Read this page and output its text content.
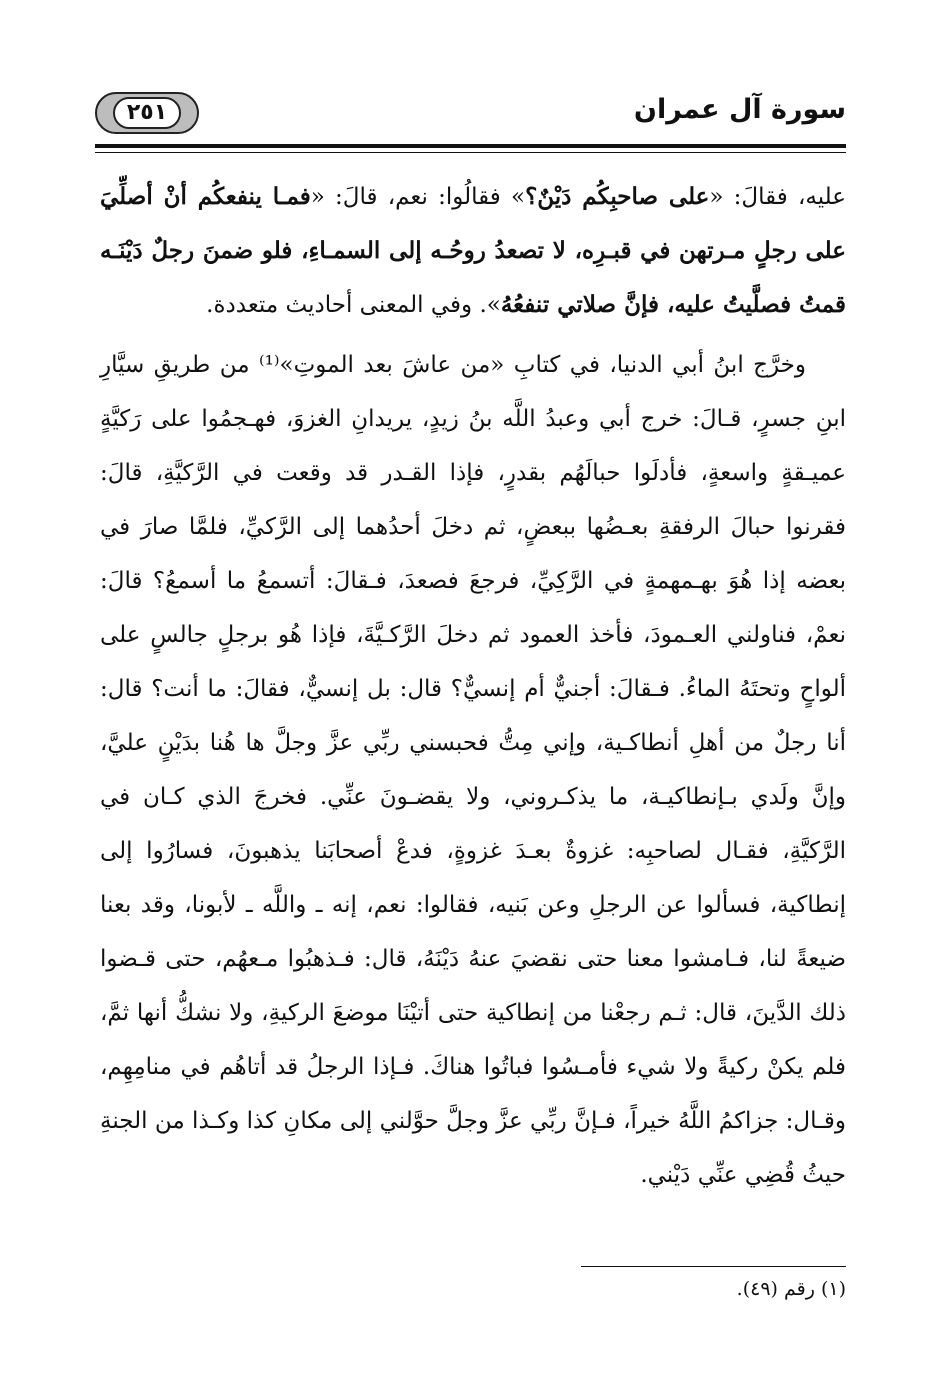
٢٥١	سورة آل عمران

عليه، فقالَ: «على صاحبِكُم دَيْنٌ؟» فقالُوا: نعم، قالَ: «فمـا ينفعكُم أنْ أصلِّيَ على رجلٍ مـرتهن في قبـرِه، لا تصعدُ روحُـه إلى السمـاءِ، فلو ضمنَ رجلٌ دَيْنَـه قمتُ فصلَّيتُ عليه، فإنَّ صلاتي تنفعُهُ». وفي المعنى أحاديث متعددة.

وخرَّج ابنُ أبي الدنيا، في كتابِ «من عاشَ بعد الموتِ»⁽¹⁾ من طريقِ سيَّارِ ابنِ جسرٍ، قـالَ: خرج أبي وعبدُ اللَّه بنُ زيدٍ، يريدانِ الغزوَ، فهـجمُوا على رَكيَّةٍ عميـقةٍ واسعةٍ، فأدلَوا حبالَهُم بقدرٍ، فإذا القـدر قد وقعت في الرَّكيَّةِ، قالَ: فقرنوا حبالَ الرفقةِ بعـضُها ببعضٍ، ثم دخلَ أحدُهما إلى الرَّكيِّ، فلمَّا صارَ في بعضه إذا هُوَ بهـمهمةٍ في الرَّكِيِّ، فرجعَ فصعدَ، فـقالَ: أتسمعُ ما أسمعُ؟ قالَ: نعمْ، فناولني العـمودَ، فأخذ العمود ثم دخلَ الرَّكـيَّةَ، فإذا هُو برجلٍ جالسٍ على ألواحٍ وتحتَهُ الماءُ. فـقالَ: أجنيٌّ أم إنسيٌّ؟ قال: بل إنسيٌّ، فقالَ: ما أنت؟ قال: أنا رجلٌ من أهلِ أنطاكـية، وإني مِتُّ فحبسني ربِّي عزَّ وجلَّ ها هُنا بدَيْنٍ عليَّ، وإنَّ ولَدي بـإنطاكيـة، ما يذكـروني، ولا يقضـونَ عنِّي. فخرجَ الذي كـان في الرَّكيَّةِ، فقـال لصاحبِه: غزوةٌ بعـدَ غزوةٍ، فدعْ أصحابَنا يذهبونَ، فسارُوا إلى إنطاكية، فسألوا عن الرجلِ وعن بَنيه، فقالوا: نعم، إنه ـ واللَّه ـ لأبونا، وقد بعنا ضيعةً لنا، فـامشوا معنا حتى نقضيَ عنهُ دَيْنَهُ، قال: فـذهبُوا مـعهُم، حتى قـضوا ذلك الدَّينَ، قال: ثـم رجعْنا من إنطاكية حتى أتيْنَا موضعَ الركيةِ، ولا نشكُّ أنها ثمَّ، فلم يكنْ ركيةً ولا شيء فأمـسُوا فباتُوا هناكَ. فـإذا الرجلُ قد أتاهُم في منامِهِم، وقـال: جزاكمُ اللَّهُ خيراً، فـإنَّ ربِّي عزَّ وجلَّ حوَّلني إلى مكانِ كذا وكـذا من الجنةِ حيثُ قُضِي عنِّي دَيْني.

(١) رقم (٤٩).
